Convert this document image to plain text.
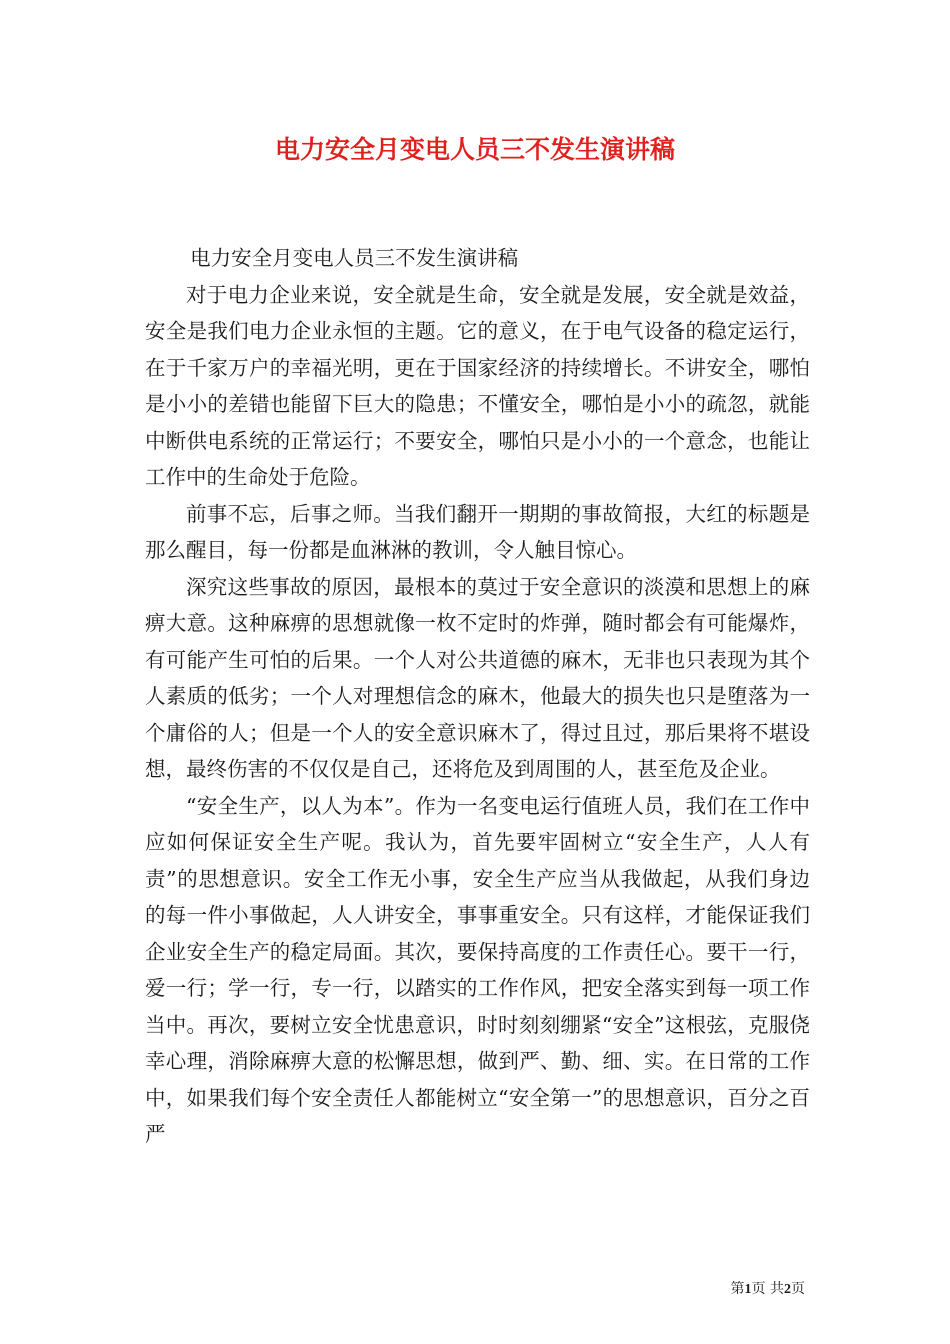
电力安全月变电人员三不发生演讲稿

电力安全月变电人员三不发生演讲稿

对于电力企业来说，安全就是生命，安全就是发展，安全就是效益，安全是我们电力企业永恒的主题。它的意义，在于电气设备的稳定运行，在于千家万户的幸福光明，更在于国家经济的持续增长。不讲安全，哪怕是小小的差错也能留下巨大的隐患；不懂安全，哪怕是小小的疏忽，就能中断供电系统的正常运行；不要安全，哪怕只是小小的一个意念，也能让工作中的生命处于危险。

前事不忘，后事之师。当我们翻开一期期的事故简报，大红的标题是那么醒目，每一份都是血淋淋的教训，令人触目惊心。

深究这些事故的原因，最根本的莫过于安全意识的淡漠和思想上的麻痹大意。这种麻痹的思想就像一枚不定时的炸弹，随时都会有可能爆炸，有可能产生可怕的后果。一个人对公共道德的麻木，无非也只表现为其个人素质的低劣；一个人对理想信念的麻木，他最大的损失也只是堕落为一个庸俗的人；但是一个人的安全意识麻木了，得过且过，那后果将不堪设想，最终伤害的不仅仅是自己，还将危及到周围的人，甚至危及企业。

“安全生产，以人为本”。作为一名变电运行值班人员，我们在工作中应如何保证安全生产呢。我认为，首先要牢固树立“安全生产，人人有责”的思想意识。安全工作无小事，安全生产应当从我做起，从我们身边的每一件小事做起，人人讲安全，事事重安全。只有这样，才能保证我们企业安全生产的稳定局面。其次，要保持高度的工作责任心。要干一行，爱一行；学一行，专一行，以踏实的工作作风，把安全落实到每一项工作当中。再次，要树立安全忧患意识，时时刻刻绷紧“安全”这根弦，克服侥幸心理，消除麻痹大意的松懈思想，做到严、勤、细、实。在日常的工作中，如果我们每个安全责任人都能树立“安全第一”的思想意识，百分之百严

第1页 共2页
